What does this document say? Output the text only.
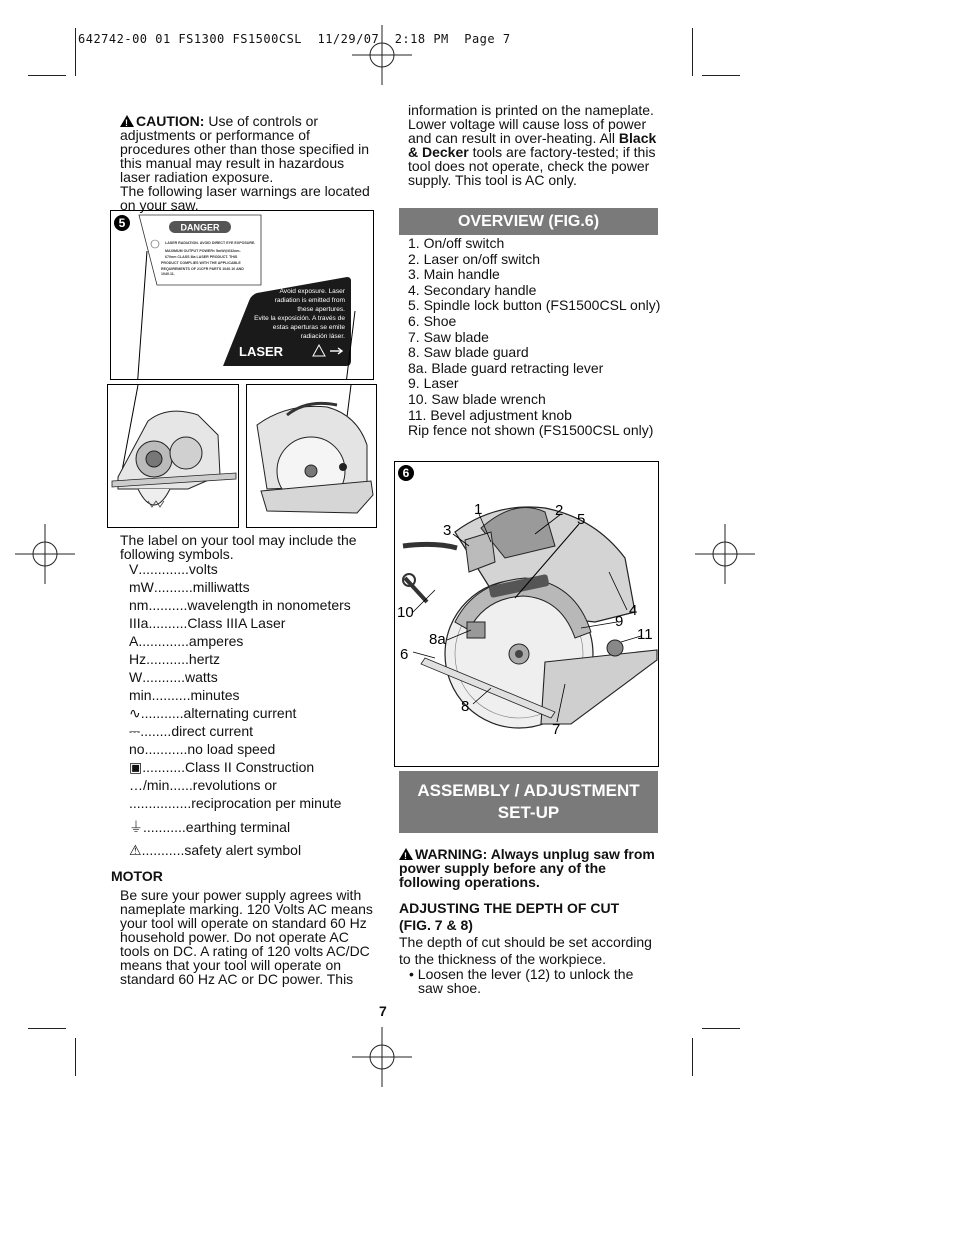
642742-00 01 FS1300 FS1500CSL  11/29/07  2:18 PM  Page 7
!CAUTION: Use of controls or
adjustments or performance of
procedures other than those specified in
this manual may result in hazardous
laser radiation exposure.
The following laser warnings are located
on your saw.
5	DANGER
LASER RADIATION. AVOID DIRECT EYE EXPOSURE.
MAXIMUM OUTPUT POWER< 5mW@632nm-
670nm CLASS IIIa LASER PRODUCT. THIS
PRODUCT COMPLIES WITH THE APPLICABLE
REQUIREMENTS OF 21CFR PARTS 1040.10 AND
1040.11.
Avoid exposure. Laser
radiation is emitted from
these apertures.
Evite la exposición. A través de
estas aperturas se emite
radiación láser.
LASER
The label on your tool may include the
following symbols.
V.............volts
mW..........milliwatts
nm..........wavelength in nonometers
IIIa..........Class IIIA Laser
A.............amperes
Hz...........hertz
W...........watts
min..........minutes
∿...........alternating current
⎓........direct current
no...........no load speed
▣...........Class II Construction
…/min......revolutions or
................reciprocation per minute
⏚...........earthing terminal
⚠...........safety alert symbol
MOTOR
Be sure your power supply agrees with
nameplate marking. 120 Volts AC means
your tool will operate on standard 60 Hz
household power. Do not operate AC
tools on DC. A rating of 120 volts AC/DC
means that your tool will operate on
standard 60 Hz AC or DC power. This
information is printed on the nameplate.
Lower voltage will cause loss of power
and can result in over-heating. All Black
& Decker tools are factory-tested; if this
tool does not operate, check the power
supply. This tool is AC only.
OVERVIEW (FIG.6)
1. On/off switch
2. Laser on/off switch
3. Main handle
4. Secondary handle
5. Spindle lock button (FS1500CSL only)
6. Shoe
7. Saw blade
8. Saw blade guard
8a. Blade guard retracting lever
9. Laser
10. Saw blade wrench
11. Bevel adjustment knob
Rip fence not shown (FS1500CSL only)
6
1	2
5
3
10	4
9
11
8a
6
8
7
ASSEMBLY / ADJUSTMENT
SET-UP
!WARNING: Always unplug saw from
power supply before any of the
following operations.
ADJUSTING THE DEPTH OF CUT
(FIG. 7 & 8)
The depth of cut should be set according
to the thickness of the workpiece.
• Loosen the lever (12) to unlock the
saw shoe.
7
